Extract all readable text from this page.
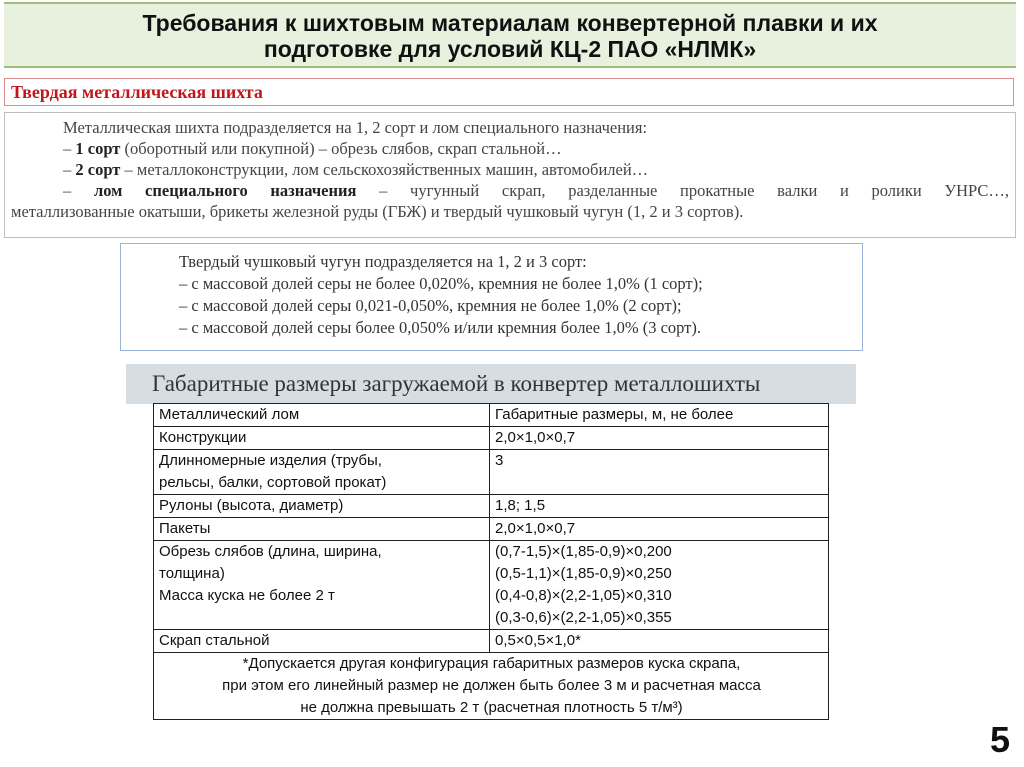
Требования к шихтовым материалам конвертерной плавки и их
подготовке для условий КЦ-2 ПАО «НЛМК»
Твердая металлическая шихта
Металлическая шихта подразделяется на 1, 2 сорт и лом специального назначения:
– 1 сорт (оборотный или покупной) – обрезь слябов, скрап стальной…
– 2 сорт – металлоконструкции, лом сельскохозяйственных машин, автомобилей…
– лом специального назначения – чугунный скрап, разделанные прокатные валки и ролики УНРС…,
металлизованные окатыши, брикеты железной руды (ГБЖ) и твердый чушковый чугун (1, 2 и 3 сортов).
Твердый чушковый чугун подразделяется на 1, 2 и 3 сорт:
– с массовой долей серы не более 0,020%, кремния не более 1,0% (1 сорт);
– с массовой долей серы 0,021-0,050%, кремния не более 1,0% (2 сорт);
– с массовой долей серы более 0,050% и/или кремния более 1,0% (3 сорт).
Габаритные размеры загружаемой в конвертер металлошихты
Металлический лом	Габаритные размеры, м, не более
Конструкции	2,0×1,0×0,7
Длинномерные изделия (трубы,
рельсы, балки, сортовой прокат)	3
Рулоны (высота, диаметр)	1,8; 1,5
Пакеты	2,0×1,0×0,7
Обрезь слябов (длина, ширина,
толщина)
Масса куска не более 2 т	(0,7-1,5)×(1,85-0,9)×0,200
(0,5-1,1)×(1,85-0,9)×0,250
(0,4-0,8)×(2,2-1,05)×0,310
(0,3-0,6)×(2,2-1,05)×0,355
Скрап стальной	0,5×0,5×1,0*
*Допускается другая конфигурация габаритных размеров куска скрапа,
при этом его линейный размер не должен быть более 3 м и расчетная масса
не должна превышать 2 т (расчетная плотность 5 т/м³)	
5
